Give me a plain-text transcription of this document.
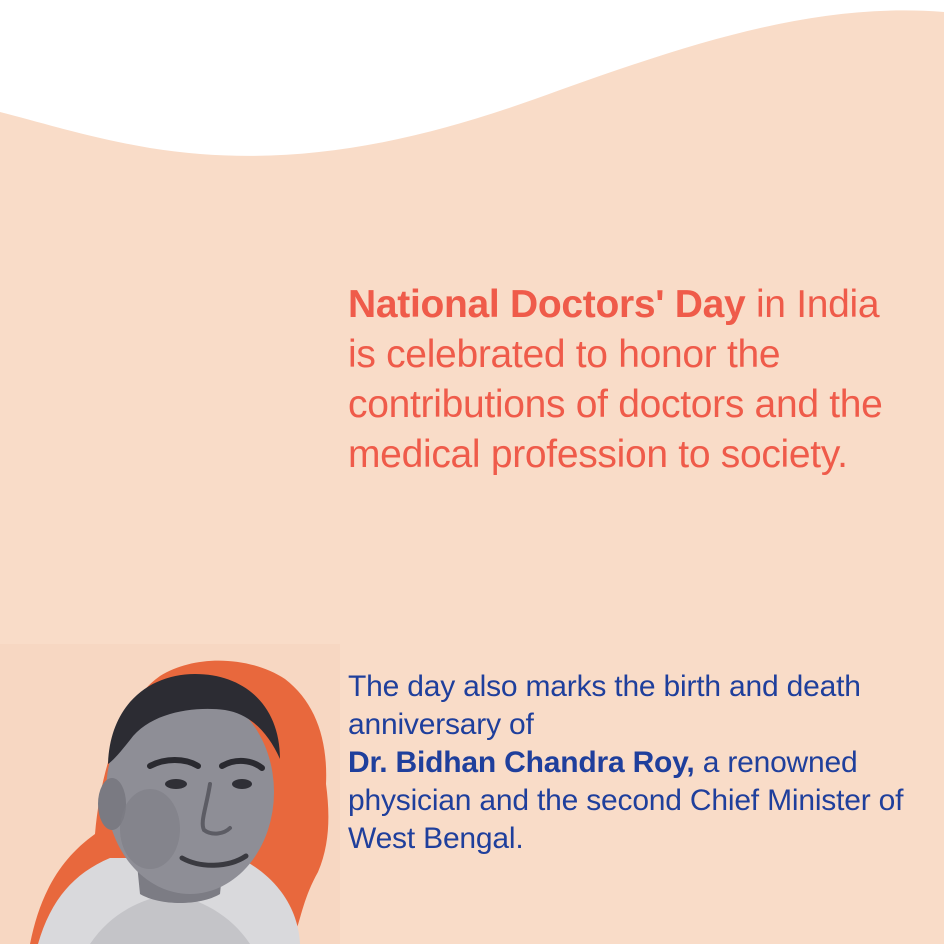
National Doctors' Day in India is celebrated to honor the contributions of doctors and the medical profession to society.

The day also marks the birth and death anniversary of
Dr. Bidhan Chandra Roy, a renowned physician and the second Chief Minister of West Bengal.
